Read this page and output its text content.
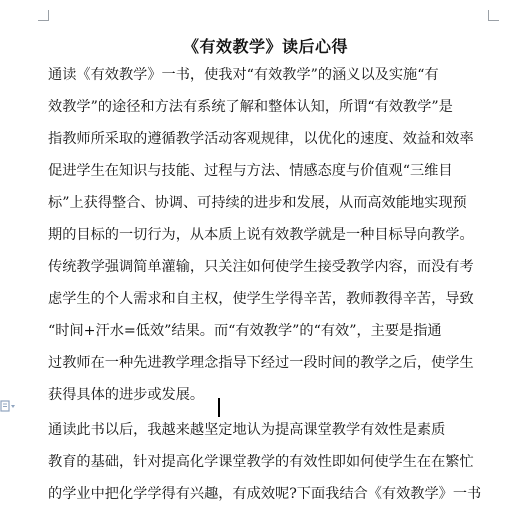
《有效教学》读后心得
通读《有效教学》一书，使我对“有效教学”的涵义以及实施“有
效教学”的途径和方法有系统了解和整体认知，所谓“有效教学”是
指教师所采取的遵循教学活动客观规律，以优化的速度、效益和效率
促进学生在知识与技能、过程与方法、情感态度与价值观“三维目
标”上获得整合、协调、可持续的进步和发展，从而高效能地实现预
期的目标的一切行为，从本质上说有效教学就是一种目标导向教学。
传统教学强调简单灌输，只关注如何使学生接受教学内容，而没有考
虑学生的个人需求和自主权，使学生学得辛苦，教师教得辛苦，导致
“时间+汗水=低效”结果。而“有效教学”的“有效”，主要是指通
过教师在一种先进教学理念指导下经过一段时间的教学之后，使学生
获得具体的进步或发展。
通读此书以后，我越来越坚定地认为提高课堂教学有效性是素质
教育的基础，针对提高化学课堂教学的有效性即如何使学生在在繁忙
的学业中把化学学得有兴趣，有成效呢?下面我结合《有效教学》一书
